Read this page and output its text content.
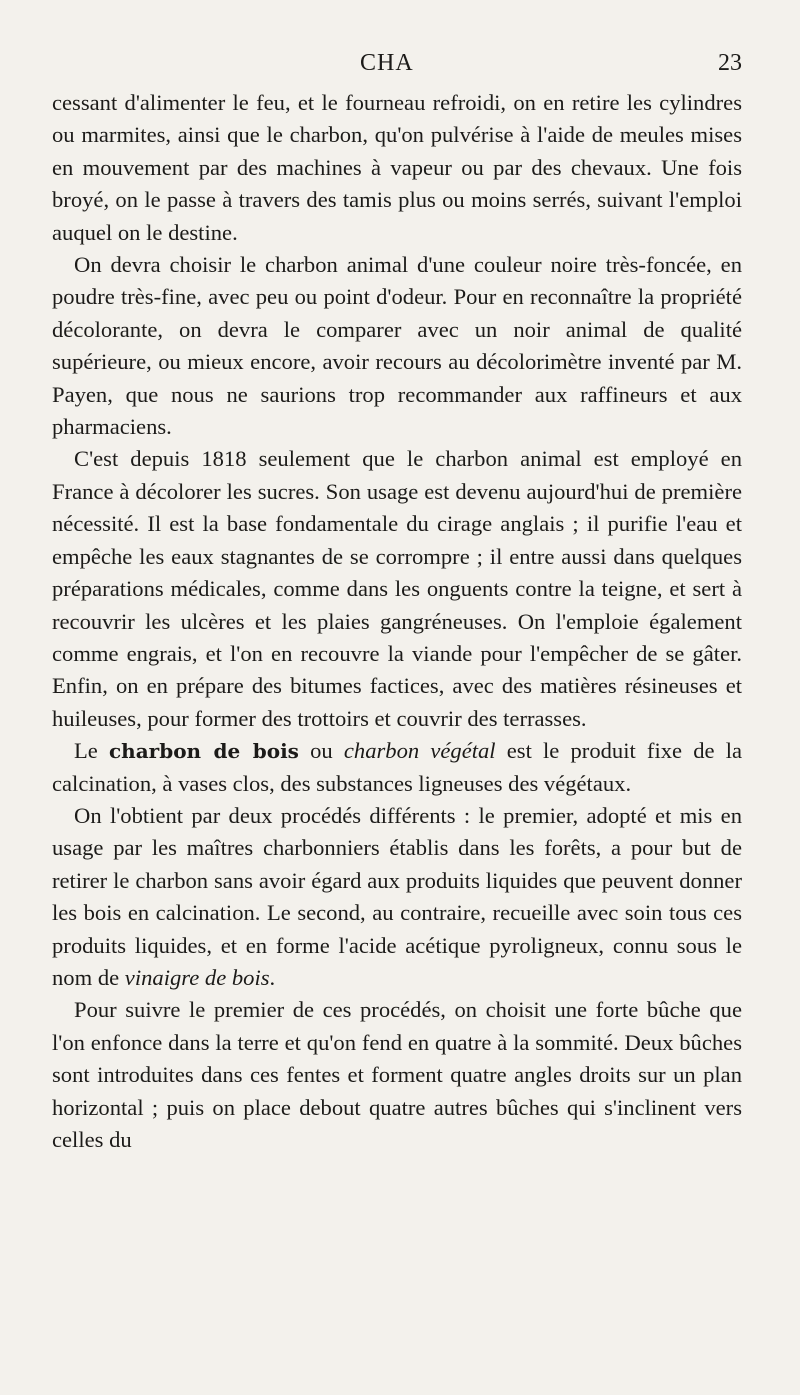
CHA	23

cessant d'alimenter le feu, et le fourneau refroidi, on en retire les cylindres ou marmites, ainsi que le charbon, qu'on pulvérise à l'aide de meules mises en mouvement par des machines à vapeur ou par des chevaux. Une fois broyé, on le passe à travers des tamis plus ou moins serrés, suivant l'emploi auquel on le destine.

On devra choisir le charbon animal d'une couleur noire très-foncée, en poudre très-fine, avec peu ou point d'odeur. Pour en reconnaître la propriété décolorante, on devra le comparer avec un noir animal de qualité supérieure, ou mieux encore, avoir recours au décolorimètre inventé par M. Payen, que nous ne saurions trop recommander aux raffineurs et aux pharmaciens.

C'est depuis 1818 seulement que le charbon animal est employé en France à décolorer les sucres. Son usage est devenu aujourd'hui de première nécessité. Il est la base fondamentale du cirage anglais ; il purifie l'eau et empêche les eaux stagnantes de se corrompre ; il entre aussi dans quelques préparations médicales, comme dans les onguents contre la teigne, et sert à recouvrir les ulcères et les plaies gangréneuses. On l'emploie également comme engrais, et l'on en recouvre la viande pour l'empêcher de se gâter. Enfin, on en prépare des bitumes factices, avec des matières résineuses et huileuses, pour former des trottoirs et couvrir des terrasses.

Le charbon de bois ou charbon végétal est le produit fixe de la calcination, à vases clos, des substances ligneuses des végétaux.

On l'obtient par deux procédés différents : le premier, adopté et mis en usage par les maîtres charbonniers établis dans les forêts, a pour but de retirer le charbon sans avoir égard aux produits liquides que peuvent donner les bois en calcination. Le second, au contraire, recueille avec soin tous ces produits liquides, et en forme l'acide acétique pyroligneux, connu sous le nom de vinaigre de bois.

Pour suivre le premier de ces procédés, on choisit une forte bûche que l'on enfonce dans la terre et qu'on fend en quatre à la sommité. Deux bûches sont introduites dans ces fentes et forment quatre angles droits sur un plan horizontal ; puis on place debout quatre autres bûches qui s'inclinent vers celles du
